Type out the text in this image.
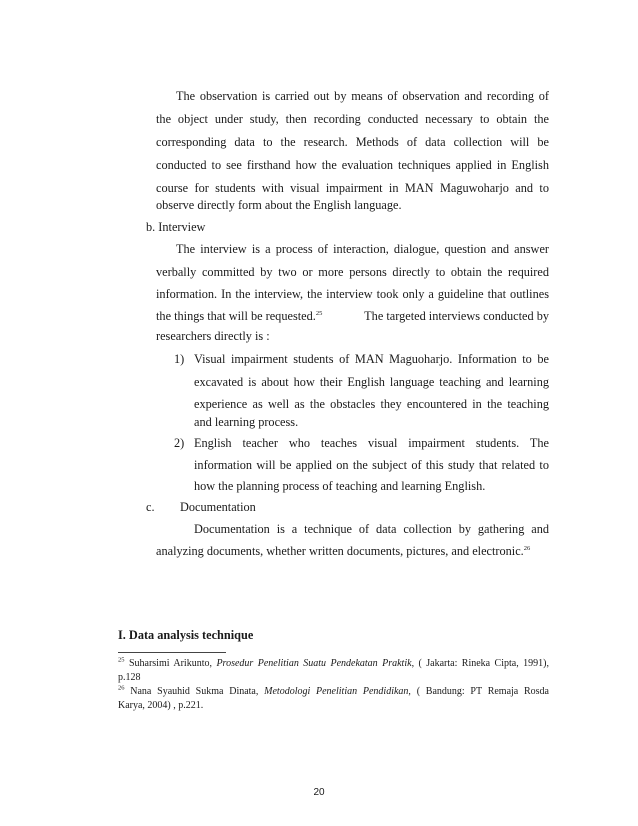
The observation is carried out by means of observation and recording of
the object under study, then recording conducted necessary to obtain the
corresponding data to the research. Methods of data collection will be
conducted to see firsthand how the evaluation techniques applied in English
course for students with visual impairment in MAN Maguwoharjo and to
observe directly form about the English language.
b. Interview
The interview is a process of interaction, dialogue, question and answer
verbally committed by two or more persons directly to obtain the required
information. In the interview, the interview took only a guideline that outlines
the things that will be requested.$^{25}$	The targeted interviews conducted by
researchers directly is :
1) Visual impairment students of MAN Maguoharjo. Information to be
excavated is about how their English language teaching and learning
experience as well as the obstacles they encountered in the teaching
and learning process.
2) English teacher who teaches visual impairment students. The
information will be applied on the subject of this study that related to
how the planning process of teaching and learning English.
c. Documentation
Documentation is a technique of data collection by gathering and
analyzing documents, whether written documents, pictures, and electronic.$^{26}$
I. Data analysis technique
$^{25}$ Suharsimi Arikunto, Prosedur Penelitian Suatu Pendekatan Praktik, ( Jakarta: Rineka Cipta, 1991),
p.128
$^{26}$ Nana Syauhid Sukma Dinata, Metodologi Penelitian Pendidikan, ( Bandung: PT Remaja Rosda
Karya, 2004) , p.221.
20
